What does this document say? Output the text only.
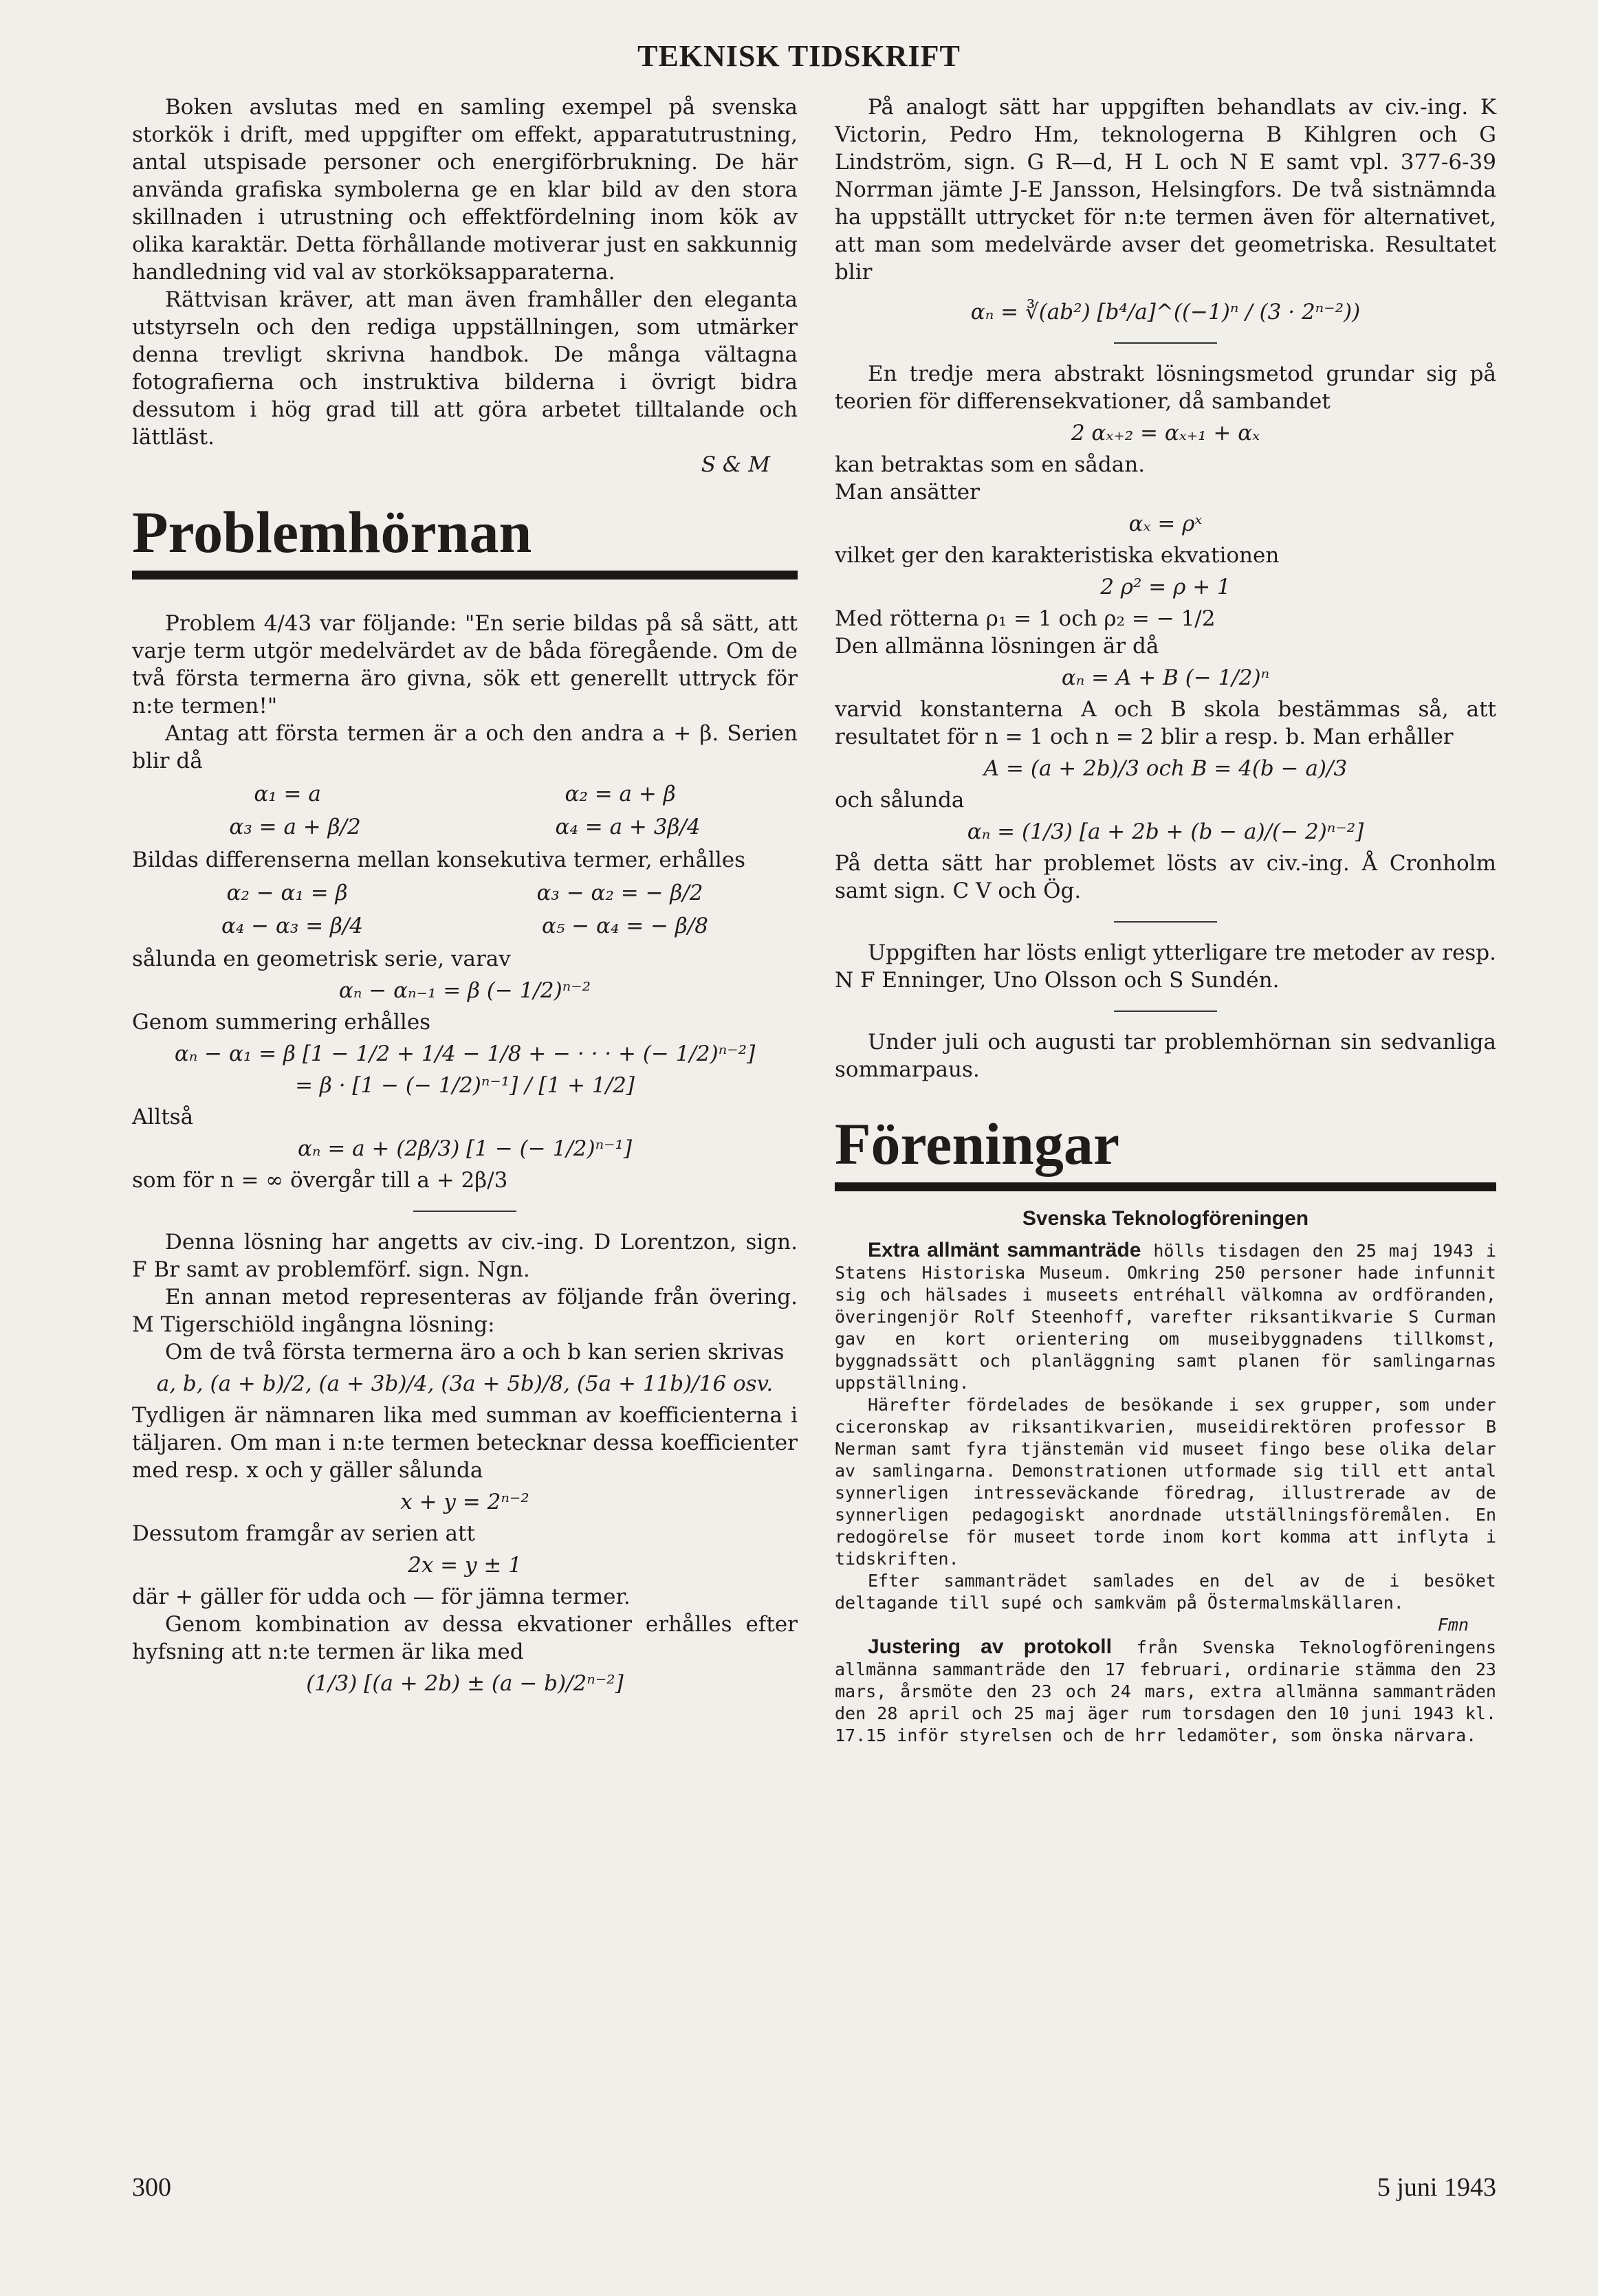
TEKNISK TIDSKRIFT

Boken avslutas med en samling exempel på svenska storkök i drift, med uppgifter om effekt, apparatutrustning, antal utspisade personer och energiförbrukning. De här använda grafiska symbolerna ge en klar bild av den stora skillnaden i utrustning och effektfördelning inom kök av olika karaktär. Detta förhållande motiverar just en sakkunnig handledning vid val av storköksapparaterna.

Rättvisan kräver, att man även framhåller den eleganta utstyrseln och den rediga uppställningen, som utmärker denna trevligt skrivna handbok. De många vältagna fotografierna och instruktiva bilderna i övrigt bidra dessutom i hög grad till att göra arbetet tilltalande och lättläst.

S & M

Problemhörnan

Problem 4/43 var följande: "En serie bildas på så sätt, att varje term utgör medelvärdet av de båda föregående. Om de två första termerna äro givna, sök ett generellt uttryck för n:te termen!"

Antag att första termen är a och den andra a + β. Serien blir då

α₁ = a	α₂ = a + β
α₃ = a + β/2	α₄ = a + 3β/4

Bildas differenserna mellan konsekutiva termer, erhålles

α₂ − α₁ = β	α₃ − α₂ = − β/2
α₄ − α₃ = β/4	α₅ − α₄ = − β/8

sålunda en geometrisk serie, varav

αₙ − αₙ₋₁ = β (− 1/2)ⁿ⁻²

Genom summering erhålles

αₙ − α₁ = β [1 − 1/2 + 1/4 − 1/8 + − · · · + (− 1/2)ⁿ⁻²]
= β · [1 − (− 1/2)ⁿ⁻¹] / [1 + 1/2]

Alltså

αₙ = a + (2β/3) [1 − (− 1/2)ⁿ⁻¹]

som för n = ∞ övergår till a + 2β/3

Denna lösning har angetts av civ.-ing. D Lorentzon, sign. F Br samt av problemförf. sign. Ngn.

En annan metod representeras av följande från övering. M Tigerschiöld ingångna lösning:

Om de två första termerna äro a och b kan serien skrivas

a, b, (a + b)/2, (a + 3b)/4, (3a + 5b)/8, (5a + 11b)/16 osv.

Tydligen är nämnaren lika med summan av koefficienterna i täljaren. Om man i n:te termen betecknar dessa koefficienter med resp. x och y gäller sålunda

x + y = 2ⁿ⁻²

Dessutom framgår av serien att

2x = y ± 1

där + gäller för udda och — för jämna termer.

Genom kombination av dessa ekvationer erhålles efter hyfsning att n:te termen är lika med

(1/3) [(a + 2b) ± (a − b)/2ⁿ⁻²]

På analogt sätt har uppgiften behandlats av civ.-ing. K Victorin, Pedro Hm, teknologerna B Kihlgren och G Lindström, sign. G R—d, H L och N E samt vpl. 377-6-39 Norrman jämte J-E Jansson, Helsingfors. De två sistnämnda ha uppställt uttrycket för n:te termen även för alternativet, att man som medelvärde avser det geometriska. Resultatet blir

αₙ = ∛(ab²) [b⁴/a]^((−1)ⁿ / (3 · 2ⁿ⁻²))

En tredje mera abstrakt lösningsmetod grundar sig på teorien för differensekvationer, då sambandet

2 αₓ₊₂ = αₓ₊₁ + αₓ

kan betraktas som en sådan.

Man ansätter

αₓ = ρˣ

vilket ger den karakteristiska ekvationen

2 ρ² = ρ + 1

Med rötterna ρ₁ = 1 och ρ₂ = − 1/2

Den allmänna lösningen är då

αₙ = A + B (− 1/2)ⁿ

varvid konstanterna A och B skola bestämmas så, att resultatet för n = 1 och n = 2 blir a resp. b. Man erhåller

A = (a + 2b)/3 och B = 4(b − a)/3

och sålunda

αₙ = (1/3) [a + 2b + (b − a)/(− 2)ⁿ⁻²]

På detta sätt har problemet lösts av civ.-ing. Å Cronholm samt sign. C V och Ög.

Uppgiften har lösts enligt ytterligare tre metoder av resp. N F Enninger, Uno Olsson och S Sundén.

Under juli och augusti tar problemhörnan sin sedvanliga sommarpaus.

Föreningar
Svenska Teknologföreningen

Extra allmänt sammanträde hölls tisdagen den 25 maj 1943 i Statens Historiska Museum. Omkring 250 personer hade infunnit sig och hälsades i museets entréhall välkomna av ordföranden, överingenjör Rolf Steenhoff, varefter riksantikvarie S Curman gav en kort orientering om museibyggnadens tillkomst, byggnadssätt och planläggning samt planen för samlingarnas uppställning.

Härefter fördelades de besökande i sex grupper, som under ciceronskap av riksantikvarien, museidirektören professor B Nerman samt fyra tjänstemän vid museet fingo bese olika delar av samlingarna. Demonstrationen utformade sig till ett antal synnerligen intresseväckande föredrag, illustrerade av de synnerligen pedagogiskt anordnade utställningsföremålen. En redogörelse för museet torde inom kort komma att inflyta i tidskriften.

Efter sammanträdet samlades en del av de i besöket deltagande till supé och samkväm på Östermalmskällaren.

Fmn

Justering av protokoll från Svenska Teknologföreningens allmänna sammanträde den 17 februari, ordinarie stämma den 23 mars, årsmöte den 23 och 24 mars, extra allmänna sammanträden den 28 april och 25 maj äger rum torsdagen den 10 juni 1943 kl. 17.15 inför styrelsen och de hrr ledamöter, som önska närvara.

300	5 juni 1943
